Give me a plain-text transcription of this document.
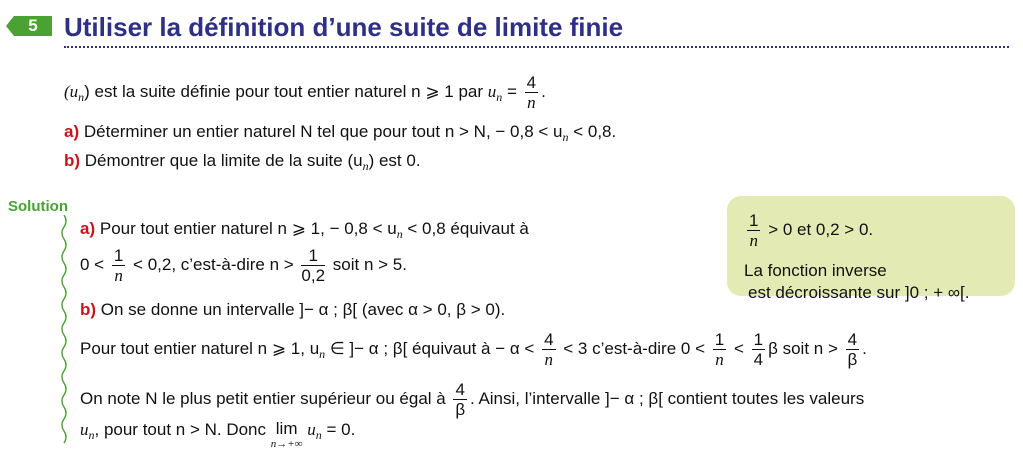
5	Utiliser la définition d’une suite de limite finie
$(u_n)$ est la suite définie pour tout entier naturel n ⩾ 1 par $u_n = \frac{4}{n}$ .
a) Déterminer un entier naturel N tel que pour tout n > N, − $0,8 < u_n < 0,8$.
b) Démontrer que la limite de la suite $(u_n)$ est 0.
Solution
$\frac{1}{n} > 0$ et 0,2 > 0.
La fonction inverse
est décroissante sur ]0 ; + ∞[.
a) Pour tout entier naturel n ⩾ 1, − $0,8 < u_n < 0,8$ équivaut à
$0 < \frac{1}{n} < 0,2$, c’est-à-dire $n > \frac{1}{0,2}$ soit n > 5.
b) On se donne un intervalle ]− α ; β[ (avec α > 0, β > 0).
Pour tout entier naturel n ⩾ 1, $u_n$ ∈ ]− α ; β[ équivaut à − $\alpha < \frac{4}{n} < 3$ c’est-à-dire $0 < \frac{1}{n} < \frac{1}{4}$ β soit $n > \frac{4}{\beta}$ .
On note N le plus petit entier supérieur ou égal à $\frac{4}{\beta}$ . Ainsi, l’intervalle ]− α ; β[ contient toutes les valeurs
$u_n$, pour tout n > N. Donc lim
n→+∞
$u_n = 0$.
